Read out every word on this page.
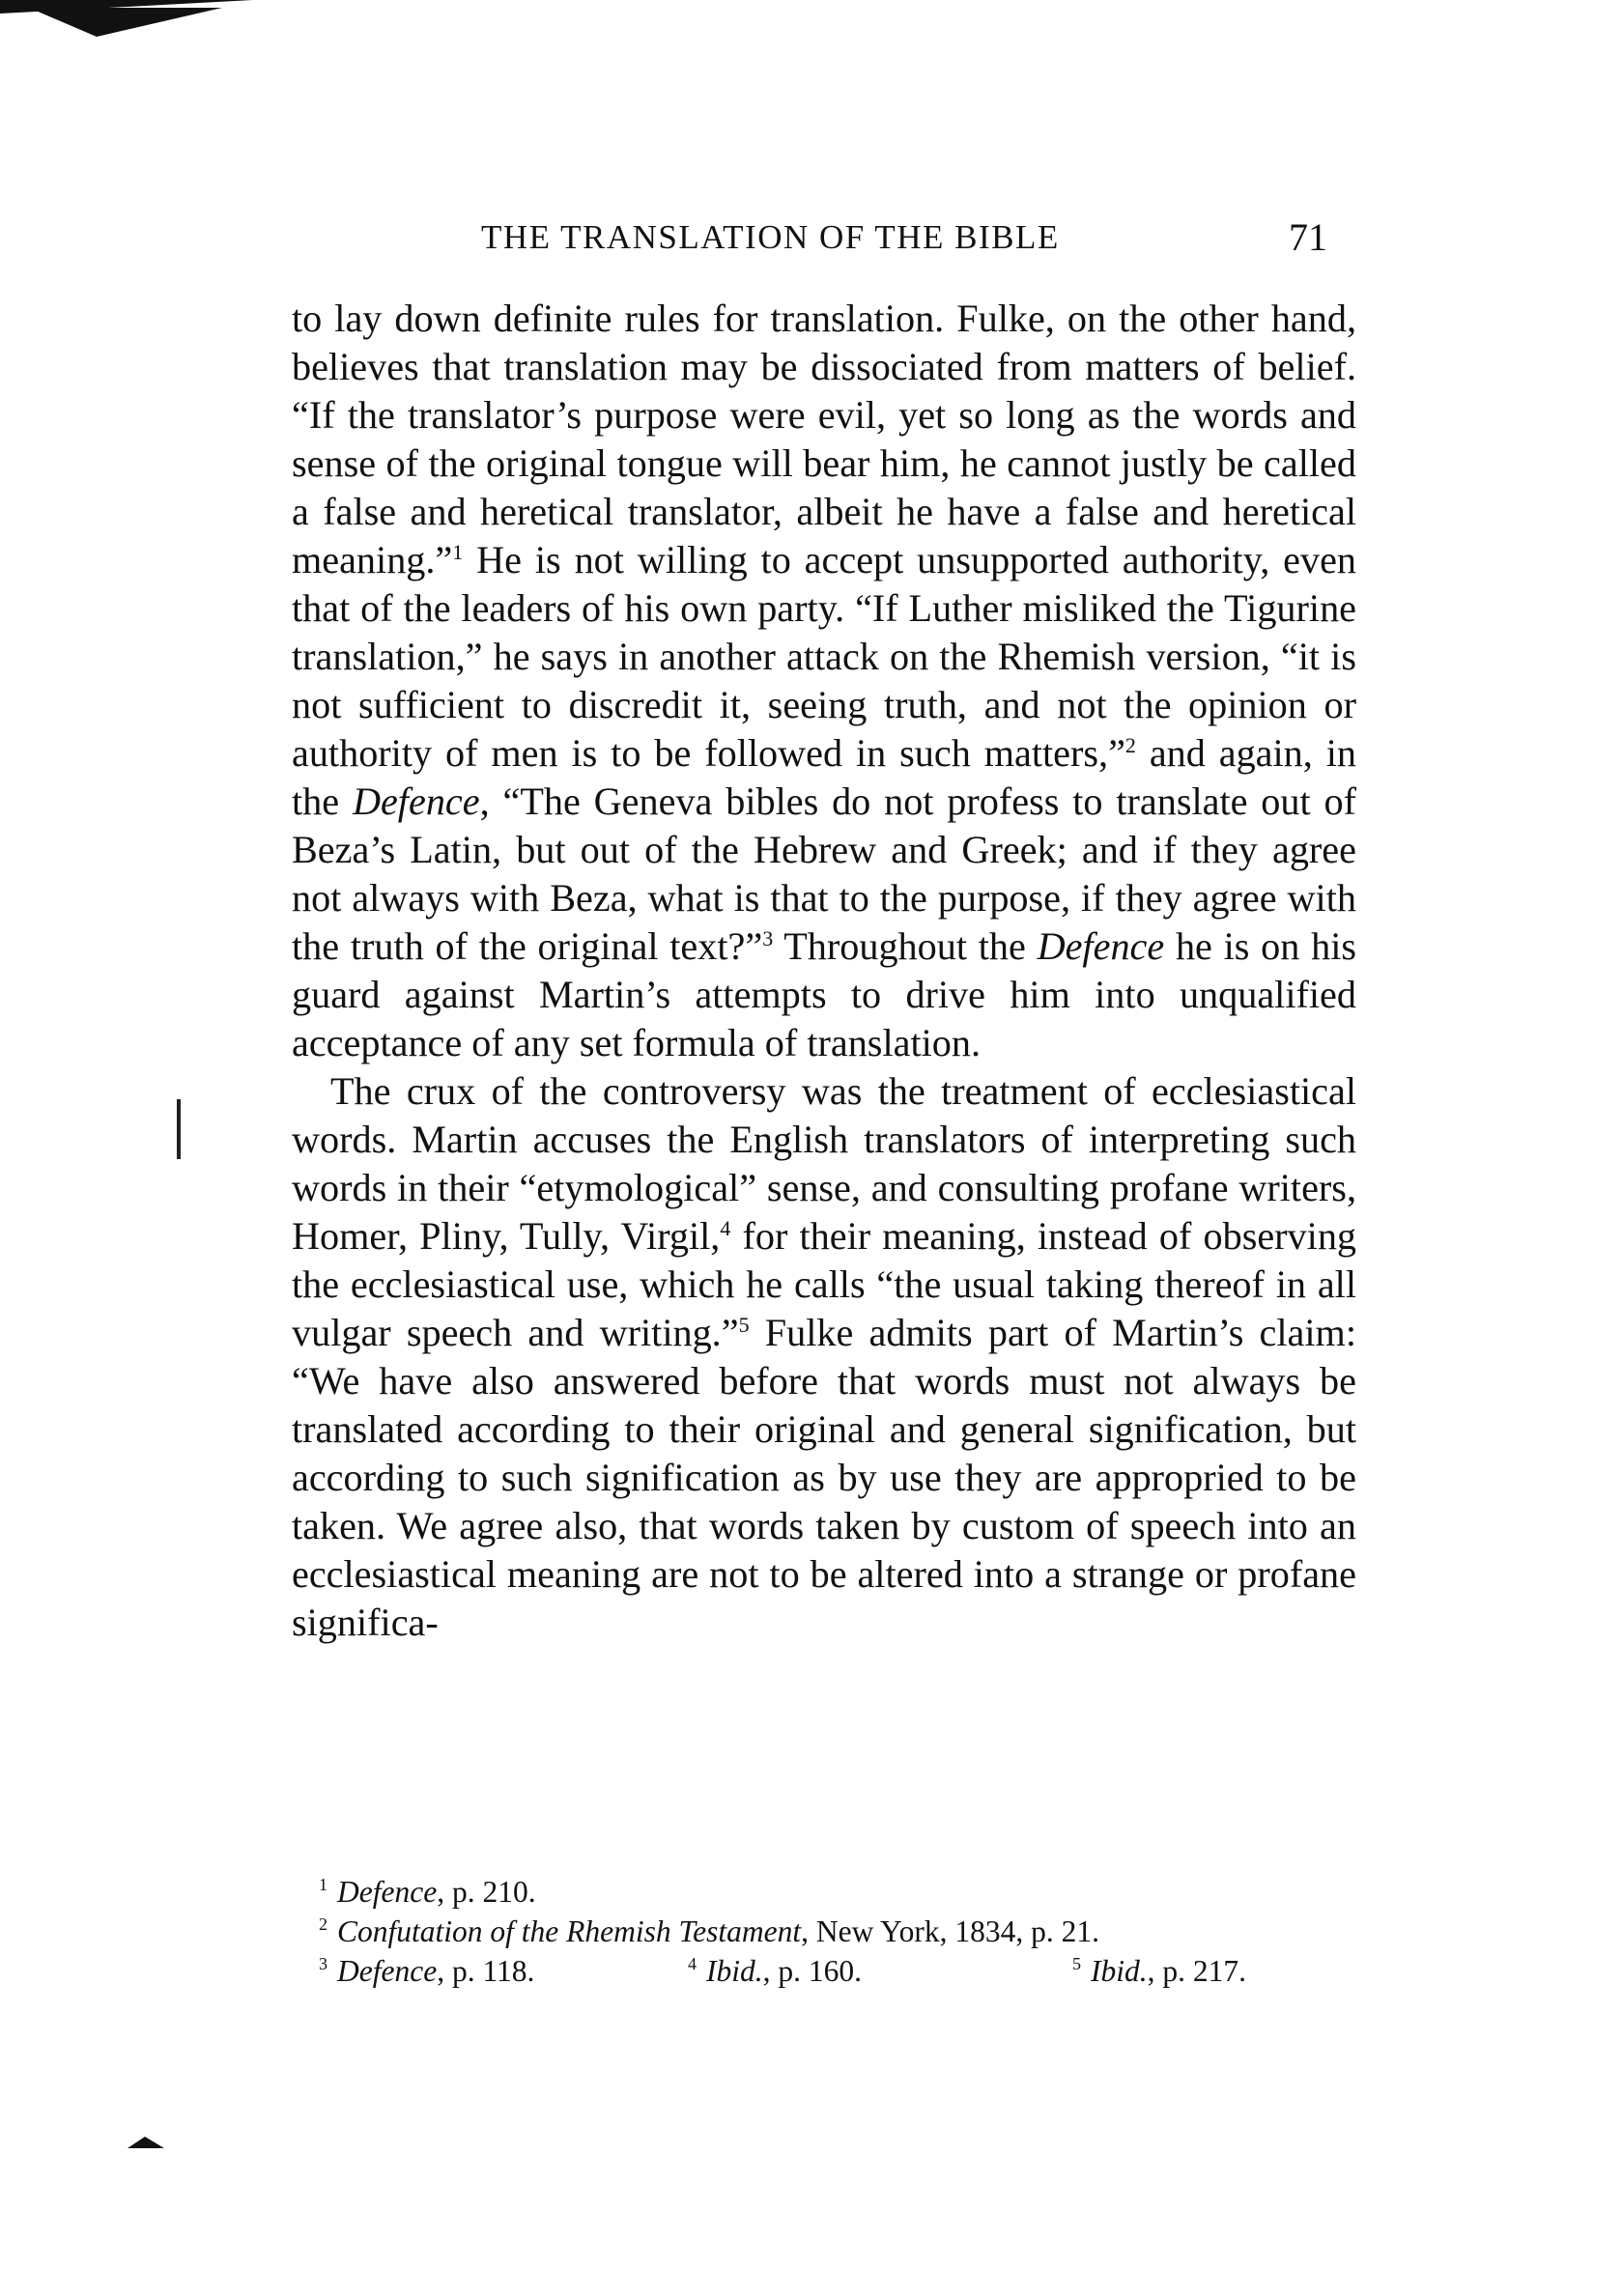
THE TRANSLATION OF THE BIBLE	71

to lay down definite rules for translation. Fulke, on the other hand, believes that translation may be dissociated from matters of belief. “If the translator’s purpose were evil, yet so long as the words and sense of the original tongue will bear him, he cannot justly be called a false and heretical translator, albeit he have a false and heretical meaning.”$^1$ He is not willing to accept unsupported authority, even that of the leaders of his own party. “If Luther misliked the Tigurine translation,” he says in another attack on the Rhemish version, “it is not sufficient to discredit it, seeing truth, and not the opinion or authority of men is to be followed in such matters,”$^2$ and again, in the Defence, “The Geneva bibles do not profess to translate out of Beza’s Latin, but out of the Hebrew and Greek; and if they agree not always with Beza, what is that to the purpose, if they agree with the truth of the original text?”$^3$ Throughout the Defence he is on his guard against Martin’s attempts to drive him into unqualified acceptance of any set formula of translation.

The crux of the controversy was the treatment of ecclesiastical words. Martin accuses the English translators of interpreting such words in their “etymological” sense, and consulting profane writers, Homer, Pliny, Tully, Virgil,$^4$ for their meaning, instead of observing the ecclesiastical use, which he calls “the usual taking thereof in all vulgar speech and writing.”$^5$ Fulke admits part of Martin’s claim: “We have also answered before that words must not always be translated according to their original and general signification, but according to such signification as by use they are appropried to be taken. We agree also, that words taken by custom of speech into an ecclesiastical meaning are not to be altered into a strange or profane significa-

$^1$ Defence, p. 210.
$^2$ Confutation of the Rhemish Testament, New York, 1834, p. 21.
$^3$ Defence, p. 118.	$^4$ Ibid., p. 160.	$^5$ Ibid., p. 217.
